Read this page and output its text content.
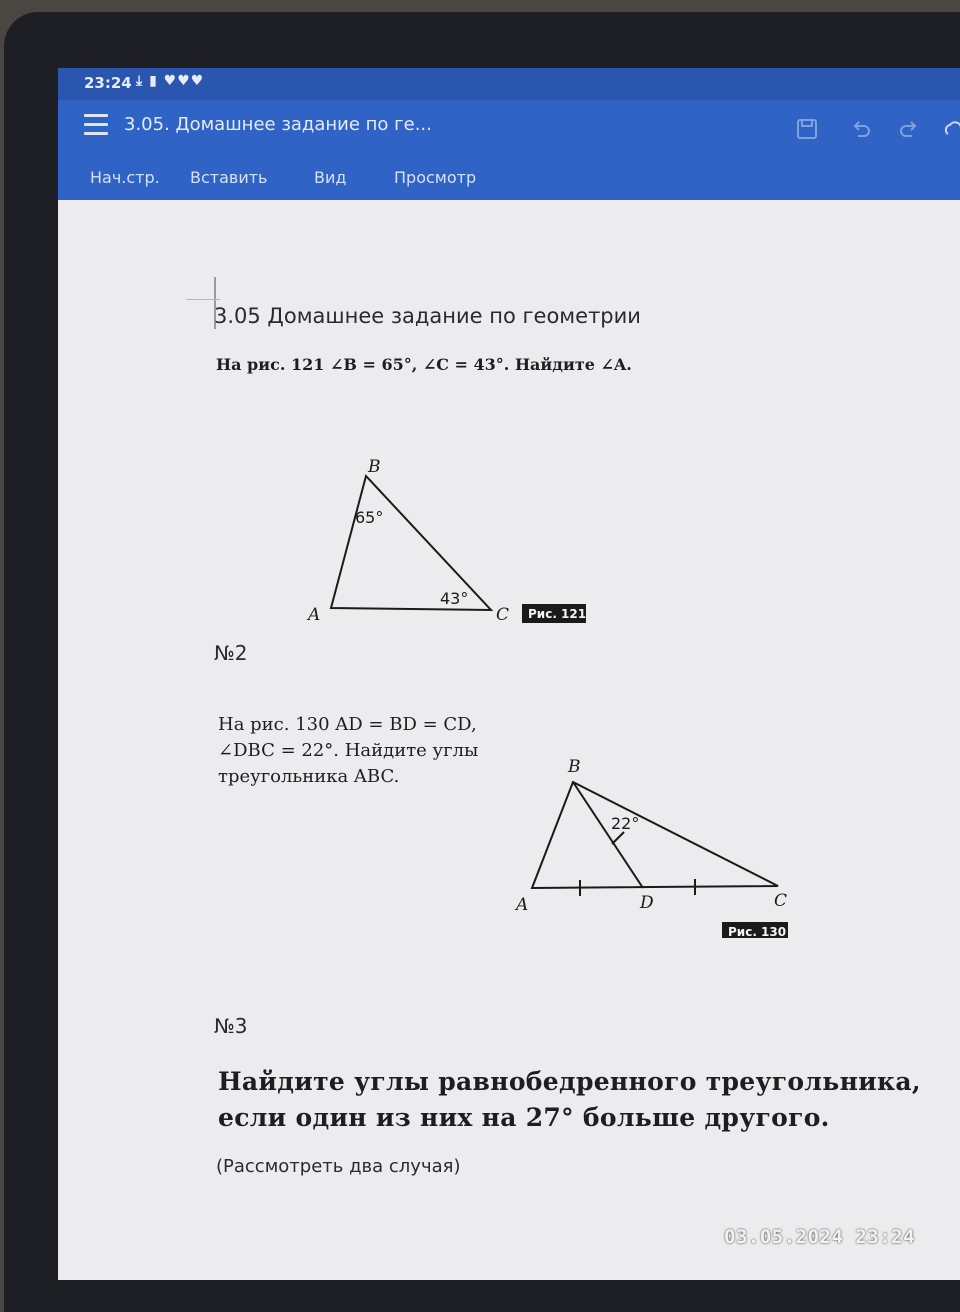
23:24 ⤓ ▮ ♥♥♥
3.05. Домашнее задание по ге...
Нач.стр. Вставить	Вид	Просмотр
3.05 Домашнее задание по геометрии
На рис. 121 ∠B = 65°, ∠C = 43°. Найдите ∠A.
B
A	C
65°
43°
Рис. 121
№2
На рис. 130 AD = BD = CD, ∠DBC = 22°. Найдите углы треугольника ABC.	B
A	C
D
22°
Рис. 130
№3
Найдите углы равнобедренного треугольника, если один из них на 27° больше другого.
(Рассмотреть два случая)
03.05.2024 23:24
